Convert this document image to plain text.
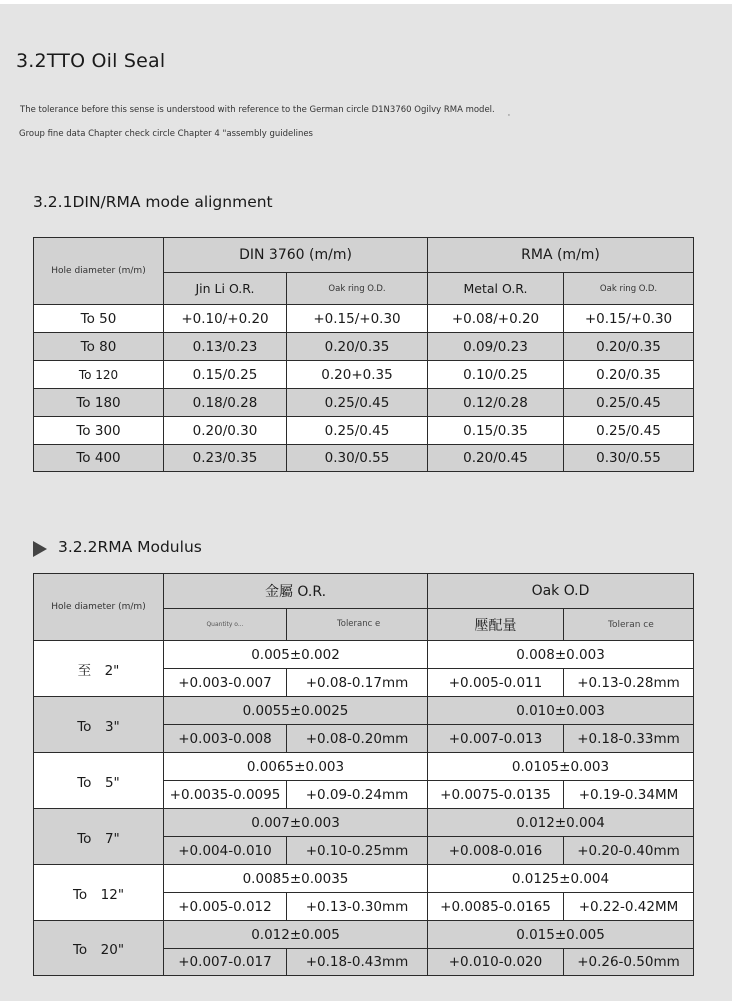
3.2TTO Oil Seal

The tolerance before this sense is understood with reference to the German circle D1N3760 Ogilvy RMA model.

'

Group fine data Chapter check circle Chapter 4 "assembly guidelines

3.2.1DIN/RMA mode alignment
Hole diameter (m/m)	DIN 3760 (m/m)		RMA (m/m)	
	Jin Li O.R.	Oak ring O.D.	Metal O.R.	Oak ring O.D.
To 50	+0.10/+0.20	+0.15/+0.30	+0.08/+0.20	+0.15/+0.30
To 80	0.13/0.23	0.20/0.35	0.09/0.23	0.20/0.35
To 120	0.15/0.25	0.20+0.35	0.10/0.25	0.20/0.35
To 180	0.18/0.28	0.25/0.45	0.12/0.28	0.25/0.45
To 300	0.20/0.30	0.25/0.45	0.15/0.35	0.25/0.45
To 400	0.23/0.35	0.30/0.55	0.20/0.45	0.30/0.55
3.2.2RMA Modulus
Hole diameter (m/m)	金屬 O.R.		Oak O.D	
	Quantity o...	Toleranc e	壓配量	Toleran ce
至　2"	0.005±0.002		0.008±0.003	
	+0.003-0.007	+0.08-0.17mm	+0.005-0.011	+0.13-0.28mm
To　3"	0.0055±0.0025		0.010±0.003	
	+0.003-0.008	+0.08-0.20mm	+0.007-0.013	+0.18-0.33mm
To　5"	0.0065±0.003		0.0105±0.003	
	+0.0035-0.0095	+0.09-0.24mm	+0.0075-0.0135	+0.19-0.34MM
To　7"	0.007±0.003		0.012±0.004	
	+0.004-0.010	+0.10-0.25mm	+0.008-0.016	+0.20-0.40mm
To　12"	0.0085±0.0035		0.0125±0.004	
	+0.005-0.012	+0.13-0.30mm	+0.0085-0.0165	+0.22-0.42MM
To　20"	0.012±0.005		0.015±0.005	
	+0.007-0.017	+0.18-0.43mm	+0.010-0.020	+0.26-0.50mm
